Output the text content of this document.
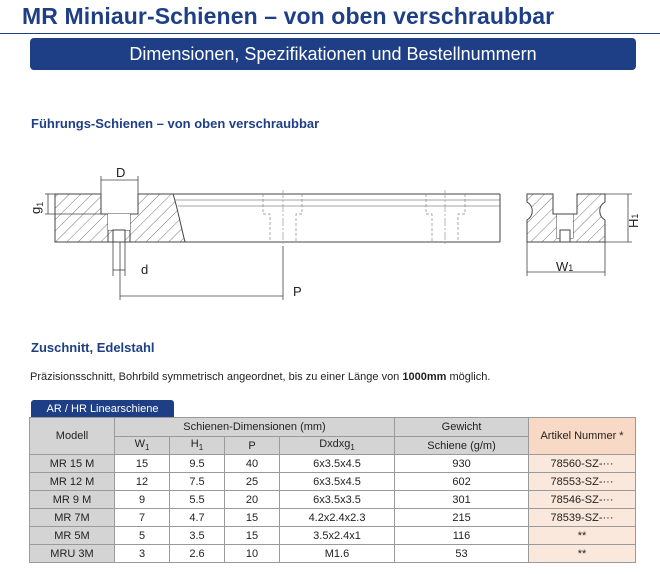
MR Miniaur-Schienen – von oben verschraubbar
Dimensionen, Spezifikationen und Bestellnummern
Führungs-Schienen – von oben verschraubbar
D
$g_1$
d
P
H1
W1
Zuschnitt, Edelstahl
Präzisionsschnitt, Bohrbild symmetrisch angeordnet, bis zu einer Länge von 1000mm möglich.
AR / HR Linearschiene
Modell	Schienen-Dimensionen (mm)				Gewicht	Artikel Nummer *
	$W_1$	$H_1$	P	Dxdxg$_1$	Schiene (g/m)	
MR 15 M	15	9.5	40	6x3.5x4.5	930	78560-SZ-···
MR 12 M	12	7.5	25	6x3.5x4.5	602	78553-SZ-···
MR 9 M	9	5.5	20	6x3.5x3.5	301	78546-SZ-···
MR 7M	7	4.7	15	4.2x2.4x2.3	215	78539-SZ-···
MR 5M	5	3.5	15	3.5x2.4x1	116	**
MRU 3M	3	2.6	10	M1.6	53	**
